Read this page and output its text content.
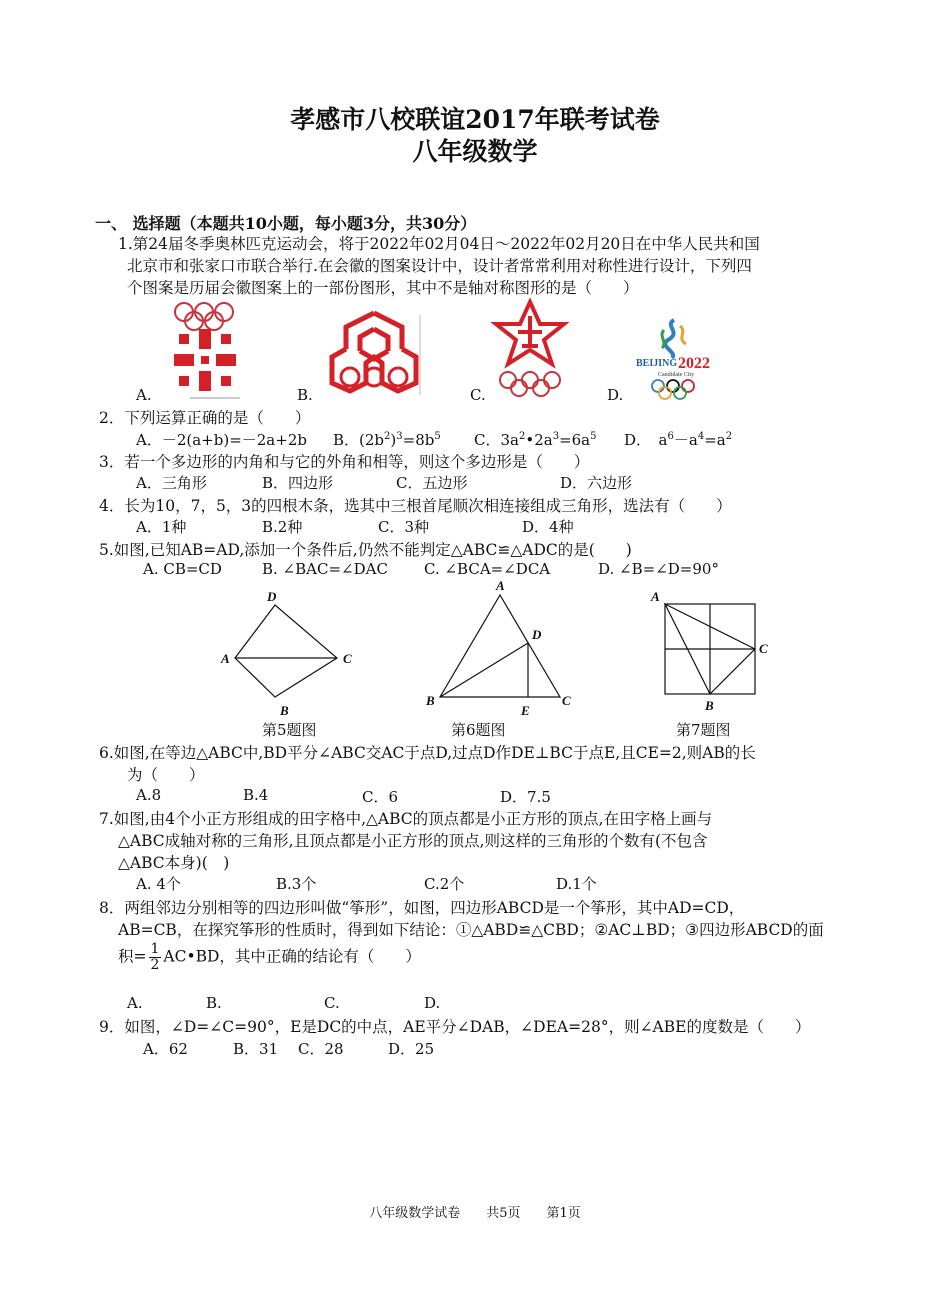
孝感市八校联谊2017年联考试卷
八年级数学
一、 选择题（本题共10小题，每小题3分，共30分）
1.第24届冬季奥林匹克运动会，将于2022年02月04日～2022年02月20日在中华人民共和国
北京市和张家口市联合举行.在会徽的图案设计中，设计者常常利用对称性进行设计，下列四
个图案是历届会徽图案上的一部份图形，其中不是轴对称图形的是（　　）
BEIJING 2022
Candidate City
A.	B.	C.	D.
2．下列运算正确的是（　　）
A．－2(a+b)=－2a+2b B．$(2b^2)^3=8b^5$ C．$3a^2•2a^3=6a^5$ D．　$a^6-a^4=a^2$
3．若一个多边形的内角和与它的外角和相等，则这个多边形是（　　）
A．三角形	B．四边形	C．五边形	D．六边形
4．长为10，7，5，3的四根木条，选其中三根首尾顺次相连接组成三角形，选法有（　　）
A．1种	B.2种	C．3种	D．4种
5.如图,已知AB=AD,添加一个条件后,仍然不能判定△ABC≌△ADC的是(　　)
A. CB=CD	B. ∠BAC=∠DAC C. ∠BCA=∠DCA	D. ∠B=∠D=90°
D
A	C
B
A
D
B	C
E
A
C
B
第5题图	第6题图	第7题图
6.如图,在等边△ABC中,BD平分∠ABC交AC于点D,过点D作DE⊥BC于点E,且CE=2,则AB的长
为（　　）
A.8	B.4	C．6	D．7.5
7.如图,由4个小正方形组成的田字格中,△ABC的顶点都是小正方形的顶点,在田字格上画与
△ABC成轴对称的三角形,且顶点都是小正方形的顶点,则这样的三角形的个数有(不包含
△ABC本身)(　)
A. 4个	B.3个	C.2个	D.1个
8．两组邻边分别相等的四边形叫做“筝形”，如图，四边形ABCD是一个筝形，其中AD=CD，
AB=CB，在探究筝形的性质时，得到如下结论：①△ABD≌△CBD；②AC⊥BD；③四边形ABCD的面
积= $\frac{1}{2}$ AC•BD，其中正确的结论有（　　）
A.	B.	C.	D.
9．如图，∠D=∠C=90°，E是DC的中点，AE平分∠DAB，∠DEA=28°，则∠ABE的度数是（　　）
A．62	B．31 C．28	D．25
八年级数学试卷　　共5页　　第1页
